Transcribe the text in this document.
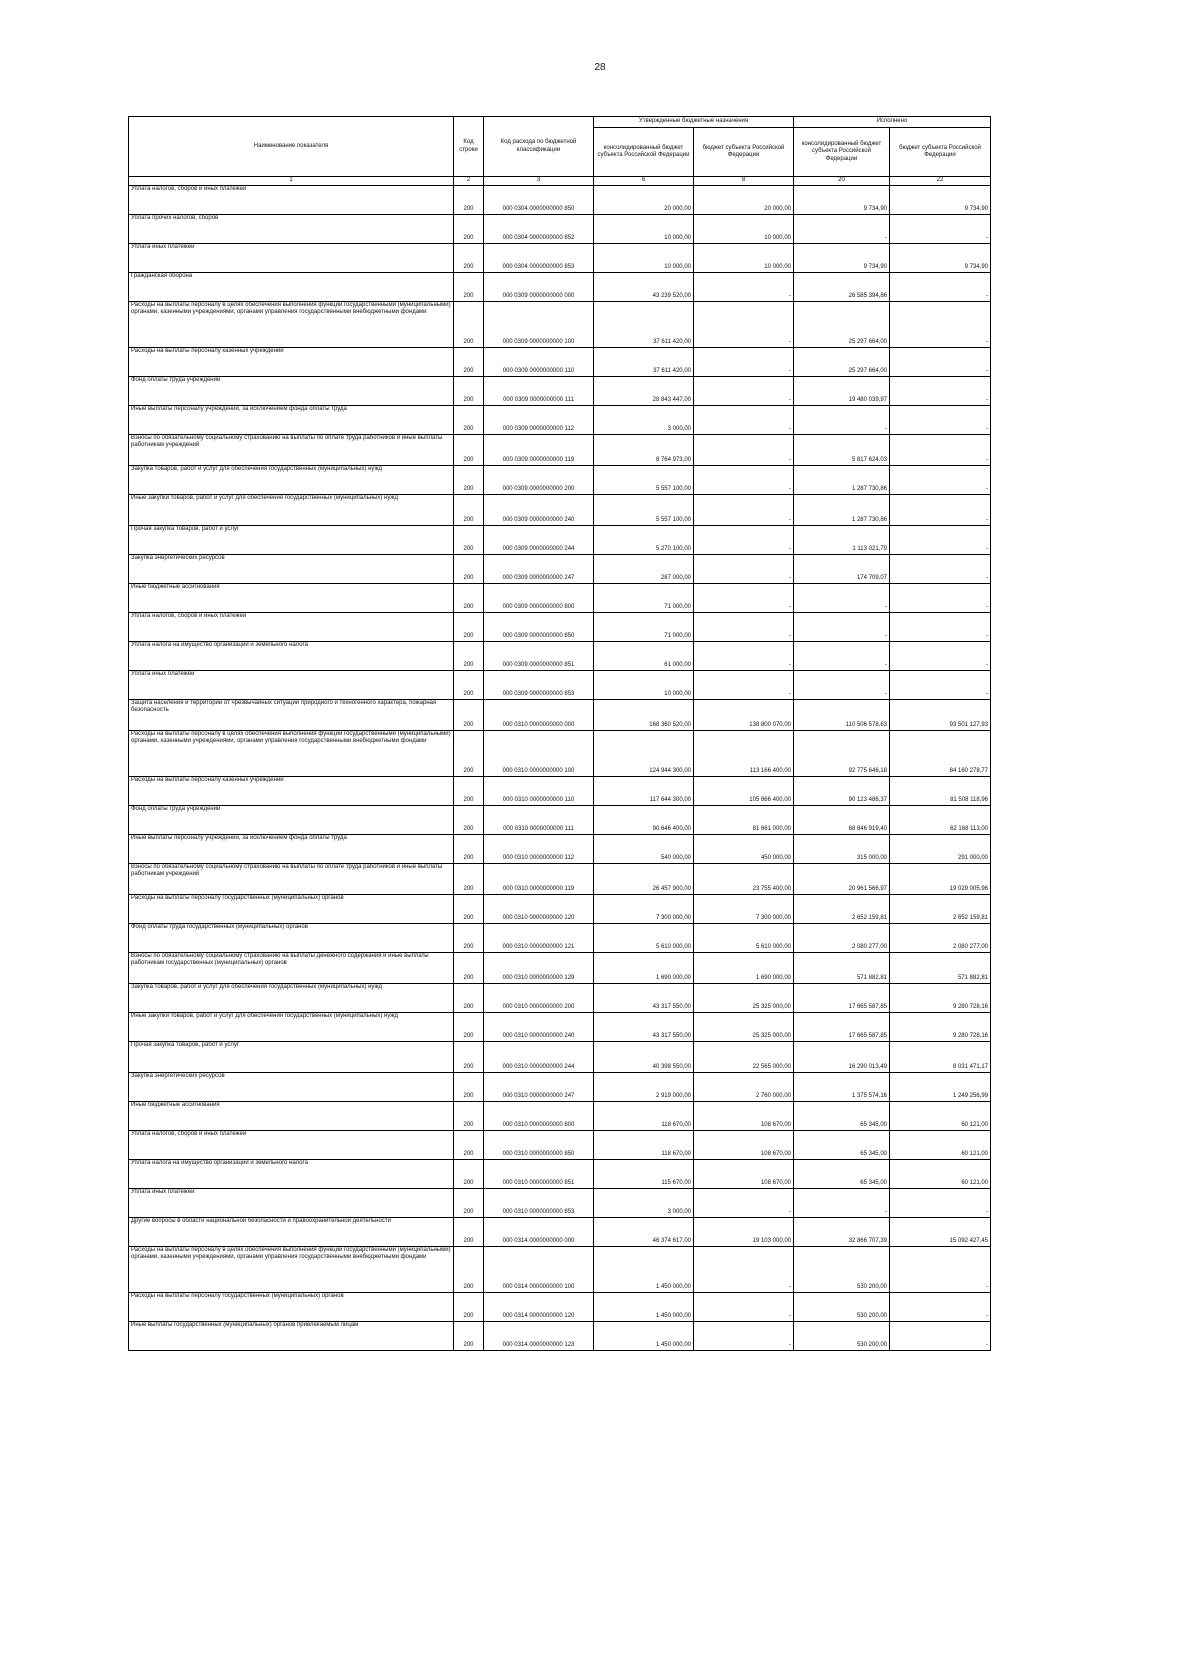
28
Наименование показателя	Код строки	Код расхода по бюджетной классификации	Утвержденные бюджетные назначения		Исполнено	
			консолидированный бюджет субъекта Российской Федерации	бюджет субъекта Российской Федерации	консолидированный бюджет субъекта Российской Федерации	бюджет субъекта Российской Федерации
1	2	3	6	8	20	22
Уплата налогов, сборов и иных платежей	200	000 0304 0000000000 850	20 000,00	20 000,00	9 734,90	9 734,90
Уплата прочих налогов, сборов	200	000 0304 0000000000 852	10 000,00	10 000,00	-	-
Уплата иных платежей	200	000 0304 0000000000 853	10 000,00	10 000,00	9 734,90	9 734,90
Гражданская оборона	200	000 0309 0000000000 000	43 239 520,00	-	26 585 394,86	-
Расходы на выплаты персоналу в целях обеспечения выполнения функций государственными (муниципальными) органами, казенными учреждениями, органами управления государственными внебюджетными фондами	200	000 0309 0000000000 100	37 611 420,00	-	25 297 664,00	-
Расходы на выплаты персоналу казенных учреждений	200	000 0309 0000000000 110	37 611 420,00	-	25 297 664,00	-
Фонд оплаты труда учреждений	200	000 0309 0000000000 111	28 843 447,00	-	19 480 039,97	-
Иные выплаты персоналу учреждений, за исключением фонда оплаты труда	200	000 0309 0000000000 112	3 000,00	-	-	-
Взносы по обязательному социальному страхованию на выплаты по оплате труда работников и иные выплаты работникам учреждений	200	000 0309 0000000000 119	8 764 973,00	-	5 817 624,03	-
Закупка товаров, работ и услуг для обеспечения государственных (муниципальных) нужд	200	000 0309 0000000000 200	5 557 100,00	-	1 287 730,86	-
Иные закупки товаров, работ и услуг для обеспечения государственных (муниципальных) нужд	200	000 0309 0000000000 240	5 557 100,00	-	1 287 730,86	-
Прочая закупка товаров, работ и услуг	200	000 0309 0000000000 244	5 270 100,00	-	1 113 021,79	-
Закупка энергетических ресурсов	200	000 0309 0000000000 247	287 000,00	-	174 709,07	-
Иные бюджетные ассигнования	200	000 0309 0000000000 800	71 000,00	-	-	-
Уплата налогов, сборов и иных платежей	200	000 0309 0000000000 850	71 000,00	-	-	-
Уплата налога на имущество организаций и земельного налога	200	000 0309 0000000000 851	61 000,00	-	-	-
Уплата иных платежей	200	000 0309 0000000000 853	10 000,00	-	-	-
Защита населения и территории от чрезвычайных ситуаций природного и техногенного характера, пожарная безопасность	200	000 0310 0000000000 000	168 360 520,00	138 800 070,00	110 506 578,63	93 501 127,93
Расходы на выплаты персоналу в целях обеспечения выполнения функций государственными (муниципальными) органами, казенными учреждениями, органами управления государственными внебюджетными фондами	200	000 0310 0000000000 100	124 944 300,00	113 166 400,00	92 775 646,18	84 160 278,77
Расходы на выплаты персоналу казенных учреждений	200	000 0310 0000000000 110	117 644 300,00	105 866 400,00	90 123 486,37	81 508 118,96
Фонд оплаты труда учреждений	200	000 0310 0000000000 111	90 646 400,00	81 661 000,00	68 846 919,40	62 168 113,00
Иные выплаты персоналу учреждений, за исключением фонда оплаты труда	200	000 0310 0000000000 112	540 000,00	450 000,00	315 000,00	291 000,00
Взносы по обязательному социальному страхованию на выплаты по оплате труда работников и иные выплаты работникам учреждений	200	000 0310 0000000000 119	26 457 900,00	23 755 400,00	20 961 566,97	19 029 005,96
Расходы на выплаты персоналу государственных (муниципальных) органов	200	000 0310 0000000000 120	7 300 000,00	7 300 000,00	2 652 159,81	2 652 159,81
Фонд оплаты труда государственных (муниципальных) органов	200	000 0310 0000000000 121	5 610 000,00	5 610 000,00	2 080 277,00	2 080 277,00
Взносы по обязательному социальному страхованию на выплаты денежного содержания и иные выплаты работникам государственных (муниципальных) органов	200	000 0310 0000000000 129	1 690 000,00	1 690 000,00	571 882,81	571 882,81
Закупка товаров, работ и услуг для обеспечения государственных (муниципальных) нужд	200	000 0310 0000000000 200	43 317 550,00	25 325 000,00	17 665 587,85	9 280 728,16
Иные закупки товаров, работ и услуг для обеспечения государственных (муниципальных) нужд	200	000 0310 0000000000 240	43 317 550,00	25 325 000,00	17 665 587,85	9 280 728,16
Прочая закупка товаров, работ и услуг	200	000 0310 0000000000 244	40 398 550,00	22 565 000,00	16 290 013,49	8 031 471,17
Закупка энергетических ресурсов	200	000 0310 0000000000 247	2 919 000,00	2 760 000,00	1 375 574,16	1 249 256,99
Иные бюджетные ассигнования	200	000 0310 0000000000 800	118 670,00	108 670,00	65 345,00	60 121,00
Уплата налогов, сборов и иных платежей	200	000 0310 0000000000 850	118 670,00	108 670,00	65 345,00	60 121,00
Уплата налога на имущество организаций и земельного налога	200	000 0310 0000000000 851	115 670,00	108 670,00	65 345,00	60 121,00
Уплата иных платежей	200	000 0310 0000000000 853	3 000,00	-	-	-
Другие вопросы в области национальной безопасности и правоохранительной деятельности	200	000 0314 0000000000 000	46 374 617,00	19 103 000,00	32 866 707,39	15 092 427,45
Расходы на выплаты персоналу в целях обеспечения выполнения функций государственными (муниципальными) органами, казенными учреждениями, органами управления государственными внебюджетными фондами	200	000 0314 0000000000 100	1 450 000,00	-	530 200,00	-
Расходы на выплаты персоналу государственных (муниципальных) органов	200	000 0314 0000000000 120	1 450 000,00	-	530 200,00	-
Иные выплаты государственных (муниципальных) органов привлекаемым лицам	200	000 0314 0000000000 123	1 450 000,00	-	530 200,00	-
